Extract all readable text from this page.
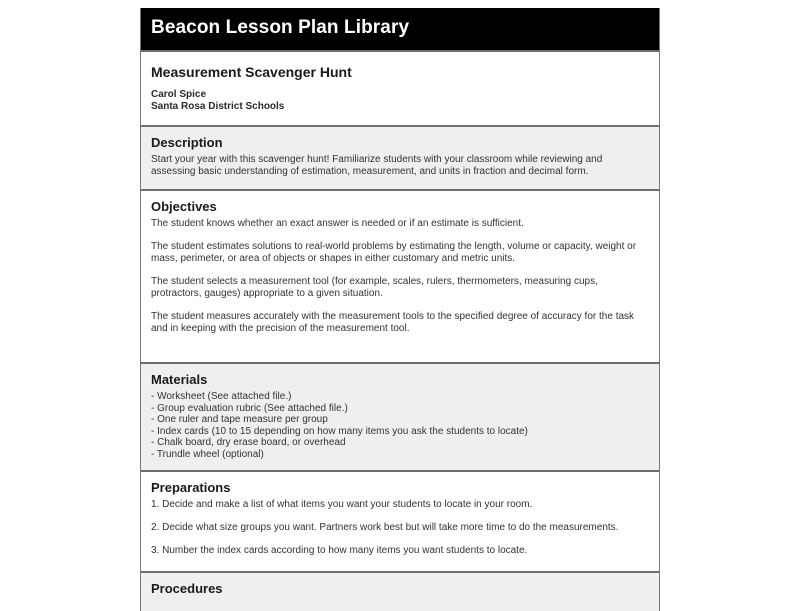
Beacon Lesson Plan Library
Measurement Scavenger Hunt
Carol Spice
Santa Rosa District Schools
Description
Start your year with this scavenger hunt! Familiarize students with your classroom while reviewing and assessing basic understanding of estimation, measurement, and units in fraction and decimal form.
Objectives
The student knows whether an exact answer is needed or if an estimate is sufficient.
The student estimates solutions to real-world problems by estimating the length, volume or capacity, weight or mass, perimeter, or area of objects or shapes in either customary and metric units.
The student selects a measurement tool (for example, scales, rulers, thermometers, measuring cups, protractors, gauges) appropriate to a given situation.
The student measures accurately with the measurement tools to the specified degree of accuracy for the task and in keeping with the precision of the measurement tool.
Materials
- Worksheet (See attached file.)
- Group evaluation rubric (See attached file.)
- One ruler and tape measure per group
- Index cards (10 to 15 depending on how many items you ask the students to locate)
- Chalk board, dry erase board, or overhead
- Trundle wheel (optional)
Preparations
1. Decide and make a list of what items you want your students to locate in your room.
2. Decide what size groups you want. Partners work best but will take more time to do the measurements.
3. Number the index cards according to how many items you want students to locate.
Procedures
